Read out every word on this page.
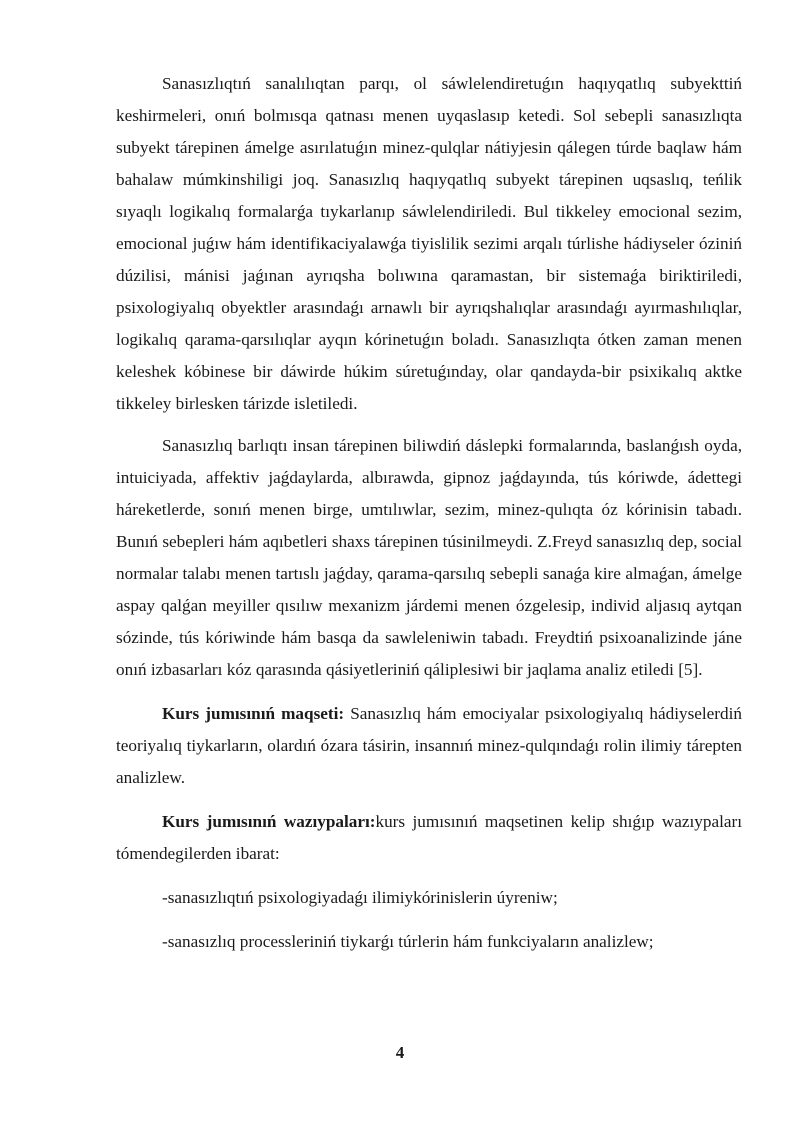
Sanasızlıqtıń sanalılıqtan parqı, ol sáwlelendiretuǵın haqıyqatlıq subyekttiń keshirmeleri, onıń bolmısqa qatnası menen uyqaslasıp ketedi. Sol sebepli sanasızlıqta subyekt tárepinen ámelge asırılatuǵın minez-qulqlar nátiyjesin qálegen túrde baqlaw hám bahalaw múmkinshiligi joq. Sanasızlıq haqıyqatlıq subyekt tárepinen uqsaslıq, teńlik sıyaqlı logikalıq formalarǵa tıykarlanıp sáwlelendiriledi. Bul tikkeley emocional sezim, emocional juǵıw hám identifikaciyalawǵa tiyislilik sezimi arqalı túrlishe hádiyseler óziniń dúzilisi, mánisi jaǵınan ayrıqsha bolıwına qaramastan, bir sistemaǵa biriktiriledi, psixologiyalıq obyektler arasındaǵı arnawlı bir ayrıqshalıqlar arasındaǵı ayırmashılıqlar, logikalıq qarama-qarsılıqlar ayqın kórinetuǵın boladı. Sanasızlıqta ótken zaman menen keleshek kóbinese bir dáwirde húkim súretuǵınday, olar qandayda-bir psixikalıq aktke tikkeley birlesken tárizde isletiledi.

Sanasızlıq barlıqtı insan tárepinen biliwdiń dáslepki formalarında, baslanǵısh oyda, intuiciyada, affektiv jaǵdaylarda, albırawda, gipnoz jaǵdayında, tús kóriwde, ádettegi háreketlerde, sonıń menen birge, umtılıwlar, sezim, minez-qulıqta óz kórinisin tabadı. Bunıń sebepleri hám aqıbetleri shaxs tárepinen túsinilmeydi. Z.Freyd sanasızlıq dep, social normalar talabı menen tartıslı jaǵday, qarama-qarsılıq sebepli sanaǵa kire almaǵan, ámelge aspay qalǵan meyiller qısılıw mexanizm járdemi menen ózgelesip, individ aljasıq aytqan sózinde, tús kóriwinde hám basqa da sawleleniwin tabadı. Freydtiń psixoanalizinde jáne onıń izbasarları kóz qarasında qásiyetleriniń qáliplesiwi bir jaqlama analiz etiledi [5].

Kurs jumısınıń maqseti: Sanasızlıq hám emociyalar psixologiyalıq hádiyselerdiń teoriyalıq tiykarların, olardıń ózara tásirin, insannıń minez-qulqındaǵı rolin ilimiy tárepten analizlew.

Kurs jumısınıń wazıypaları:kurs jumısınıń maqsetinen kelip shıǵıp wazıypaları tómendegilerden ibarat:

-sanasızlıqtıń psixologiyadaǵı ilimiykórinislerin úyreniw;

-sanasızlıq processleriniń tiykarǵı túrlerin hám funkciyaların analizlew;

4
